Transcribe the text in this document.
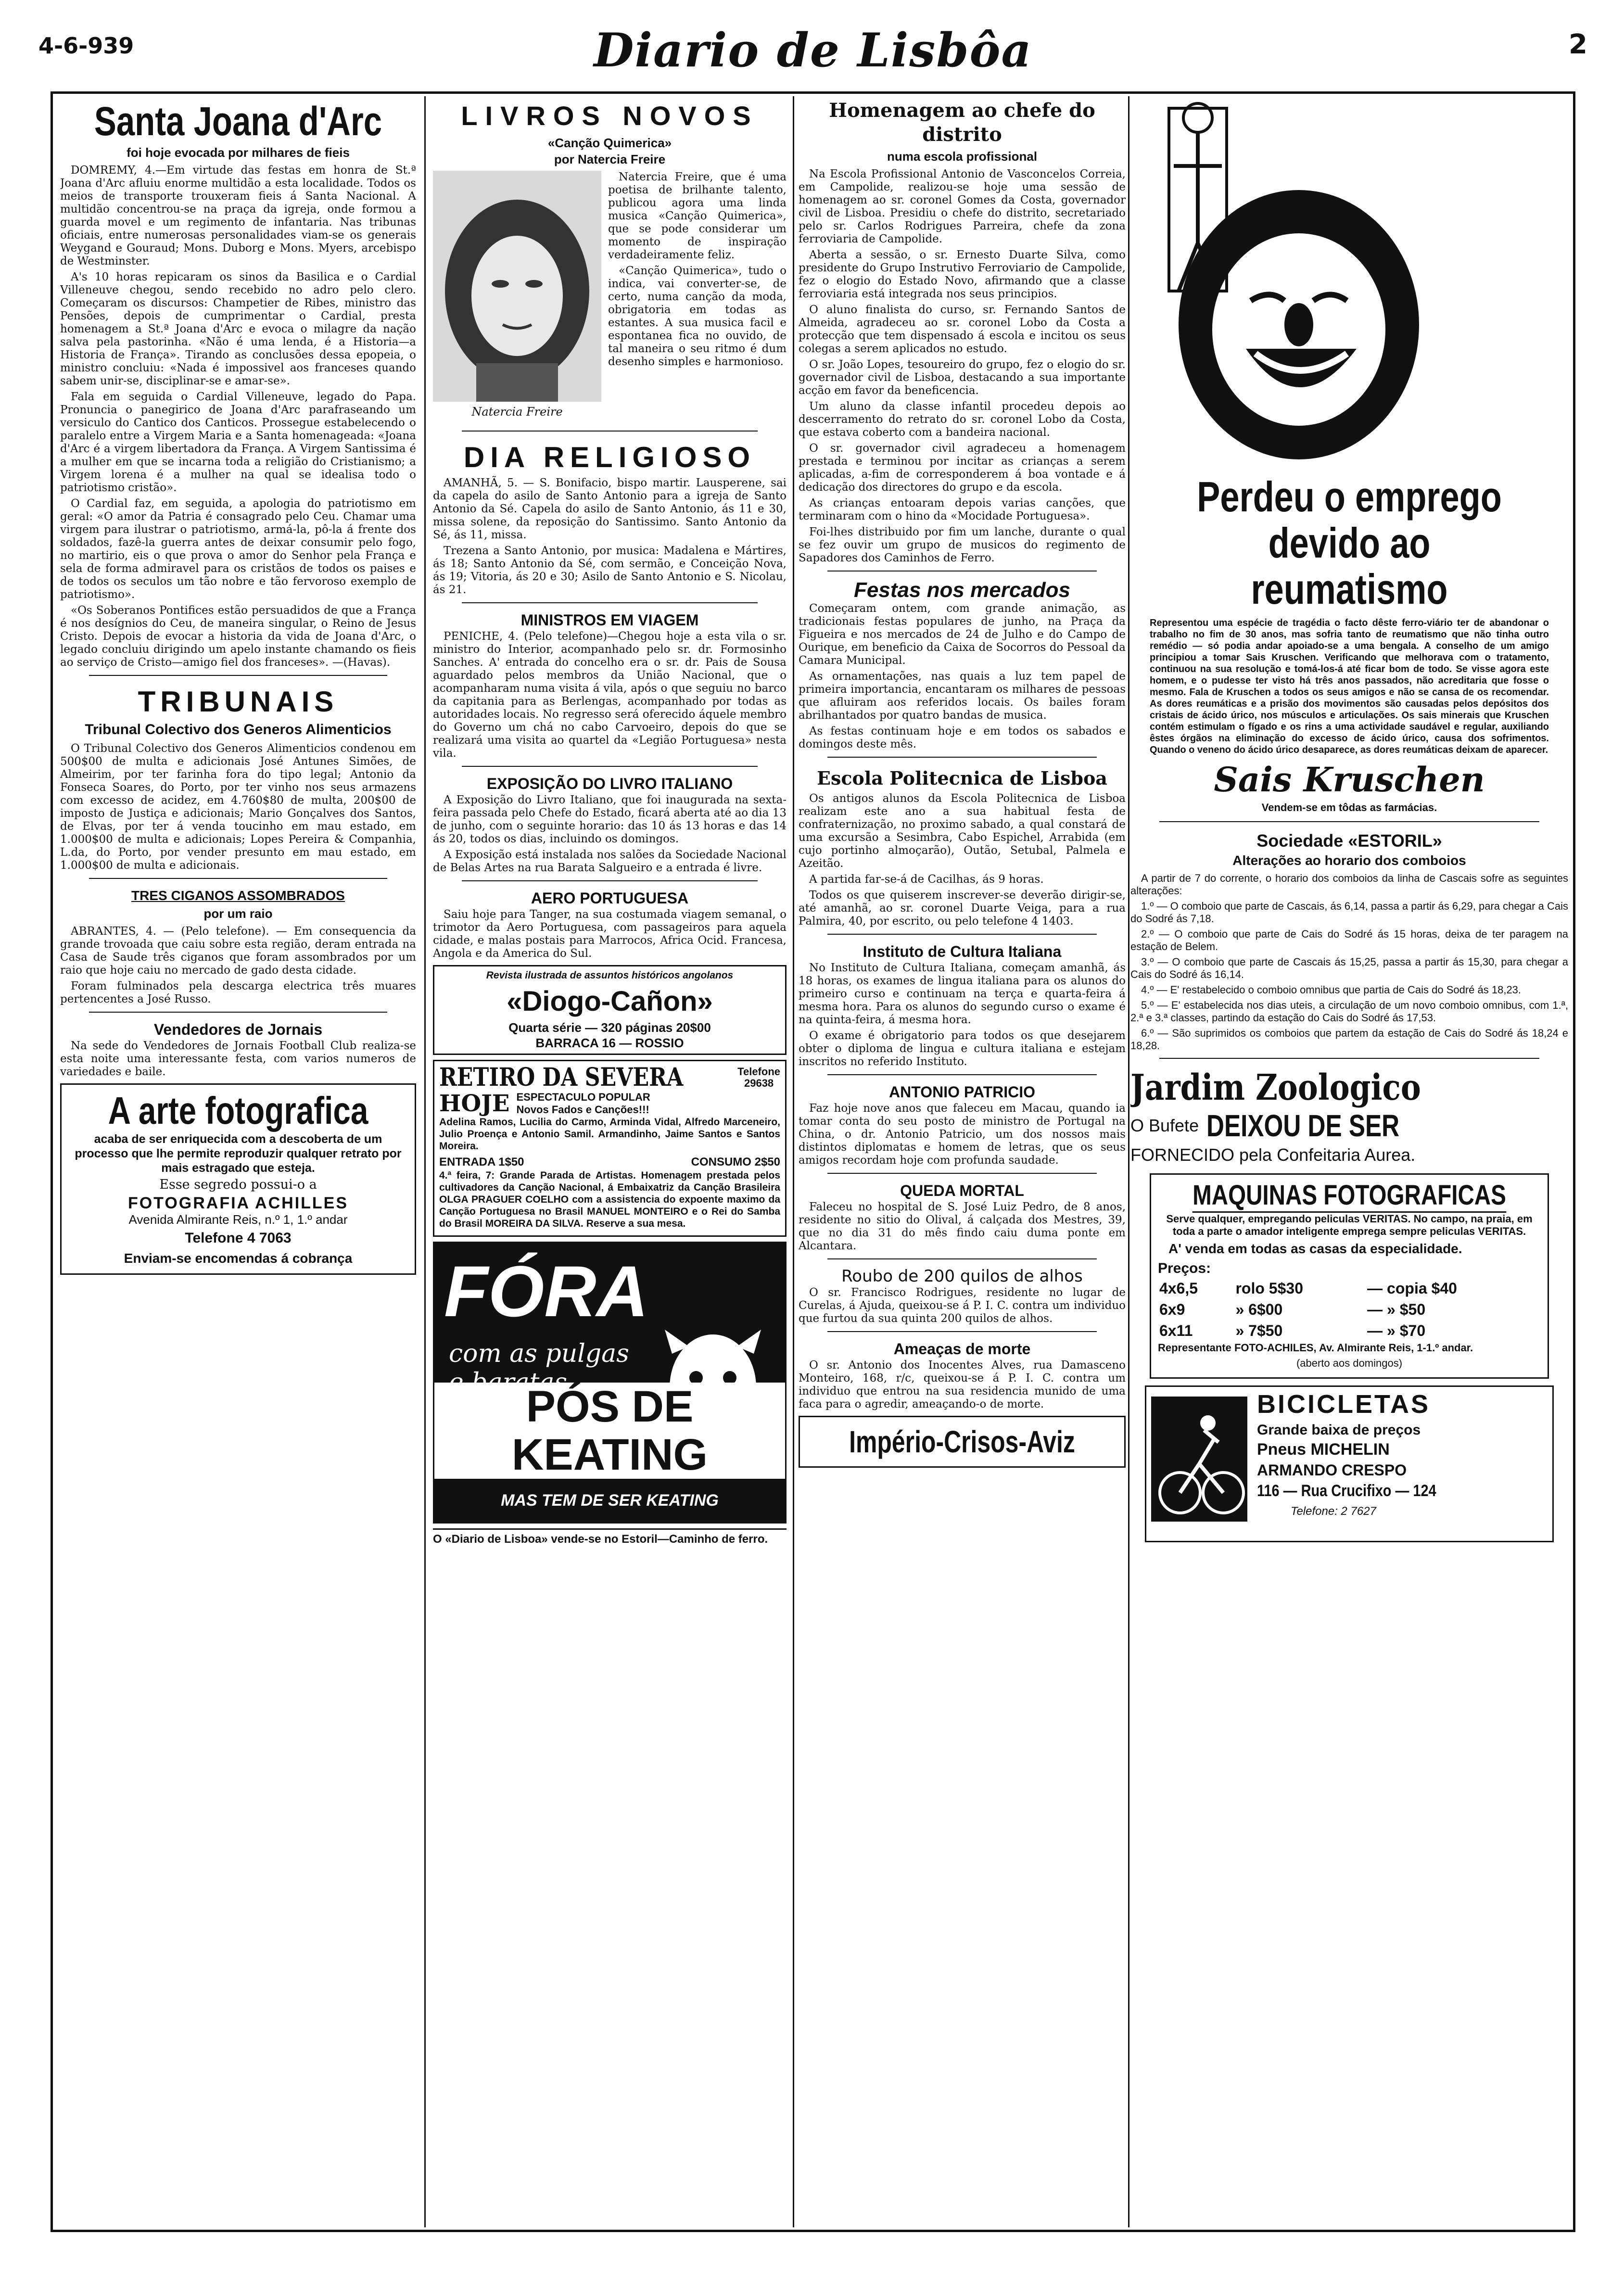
4-6-939	Diario de Lisbôa	2
Santa Joana d'Arc
foi hoje evocada por milhares de fieis

DOMREMY, 4.—Em virtude das festas em honra de St.ª Joana d'Arc afluiu enorme multidão a esta localidade. Todos os meios de transporte trouxeram fieis á Santa Nacional. A multidão concentrou-se na praça da igreja, onde formou a guarda movel e um regimento de infantaria. Nas tribunas oficiais, entre numerosas personalidades viam-se os generais Weygand e Gouraud; Mons. Duborg e Mons. Myers, arcebispo de Westminster.

A's 10 horas repicaram os sinos da Basilica e o Cardial Villeneuve chegou, sendo recebido no adro pelo clero. Começaram os discursos: Champetier de Ribes, ministro das Pensões, depois de cumprimentar o Cardial, presta homenagem a St.ª Joana d'Arc e evoca o milagre da nação salva pela pastorinha. «Não é uma lenda, é a Historia—a Historia de França». Tirando as conclusões dessa epopeia, o ministro concluiu: «Nada é impossivel aos franceses quando sabem unir-se, disciplinar-se e amar-se».

Fala em seguida o Cardial Villeneuve, legado do Papa. Pronuncia o panegirico de Joana d'Arc parafraseando um versiculo do Cantico dos Canticos. Prossegue estabelecendo o paralelo entre a Virgem Maria e a Santa homenageada: «Joana d'Arc é a virgem libertadora da França. A Virgem Santissima é a mulher em que se incarna toda a religião do Cristianismo; a Virgem lorena é a mulher na qual se idealisa todo o patriotismo cristão».

O Cardial faz, em seguida, a apologia do patriotismo em geral: «O amor da Patria é consagrado pelo Ceu. Chamar uma virgem para ilustrar o patriotismo, armá-la, pô-la á frente dos soldados, fazê-la guerra antes de deixar consumir pelo fogo, no martirio, eis o que prova o amor do Senhor pela França e sela de forma admiravel para os cristãos de todos os paises e de todos os seculos um tão nobre e tão fervoroso exemplo de patriotismo».

«Os Soberanos Pontifices estão persuadidos de que a França é nos desígnios do Ceu, de maneira singular, o Reino de Jesus Cristo. Depois de evocar a historia da vida de Joana d'Arc, o legado concluiu dirigindo um apelo instante chamando os fieis ao serviço de Cristo—amigo fiel dos franceses». —(Havas).

TRIBUNAIS
Tribunal Colectivo dos Generos Alimenticios

O Tribunal Colectivo dos Generos Alimenticios condenou em 500$00 de multa e adicionais José Antunes Simões, de Almeirim, por ter farinha fora do tipo legal; Antonio da Fonseca Soares, do Porto, por ter vinho nos seus armazens com excesso de acidez, em 4.760$80 de multa, 200$00 de imposto de Justiça e adicionais; Mario Gonçalves dos Santos, de Elvas, por ter á venda toucinho em mau estado, em 1.000$00 de multa e adicionais; Lopes Pereira & Companhia, L.da, do Porto, por vender presunto em mau estado, em 1.000$00 de multa e adicionais.

TRES CIGANOS ASSOMBRADOS
por um raio

ABRANTES, 4. — (Pelo telefone). — Em consequencia da grande trovoada que caiu sobre esta região, deram entrada na Casa de Saude três ciganos que foram assombrados por um raio que hoje caiu no mercado de gado desta cidade.

Foram fulminados pela descarga electrica três muares pertencentes a José Russo.

Vendedores de Jornais

Na sede do Vendedores de Jornais Football Club realiza-se esta noite uma interessante festa, com varios numeros de variedades e baile.

A arte fotografica

acaba de ser enriquecida com a descoberta de um processo que lhe permite reproduzir qualquer retrato por mais estragado que esteja.

Esse segredo possui-o a

FOTOGRAFIA ACHILLES

Avenida Almirante Reis, n.º 1, 1.º andar

Telefone 4 7063
Enviam-se encomendas á cobrança
LIVROS NOVOS
«Canção Quimerica»
por Natercia Freire
Natercia Freire

Natercia Freire, que é uma poetisa de brilhante talento, publicou agora uma linda musica «Canção Quimerica», que se pode considerar um momento de inspiração verdadeiramente feliz.

«Canção Quimerica», tudo o indica, vai converter-se, de certo, numa canção da moda, obrigatoria em todas as estantes. A sua musica facil e espontanea fica no ouvido, de tal maneira o seu ritmo é dum desenho simples e harmonioso.

DIA RELIGIOSO

AMANHÃ, 5. — S. Bonifacio, bispo martir. Lausperene, sai da capela do asilo de Santo Antonio para a igreja de Santo Antonio da Sé. Capela do asilo de Santo Antonio, ás 11 e 30, missa solene, da reposição do Santissimo. Santo Antonio da Sé, ás 11, missa.

Trezena a Santo Antonio, por musica: Madalena e Mártires, ás 18; Santo Antonio da Sé, com sermão, e Conceição Nova, ás 19; Vitoria, ás 20 e 30; Asilo de Santo Antonio e S. Nicolau, ás 21.

MINISTROS EM VIAGEM

PENICHE, 4. (Pelo telefone)—Chegou hoje a esta vila o sr. ministro do Interior, acompanhado pelo sr. dr. Formosinho Sanches. A' entrada do concelho era o sr. dr. Pais de Sousa aguardado pelos membros da União Nacional, que o acompanharam numa visita á vila, após o que seguiu no barco da capitania para as Berlengas, acompanhado por todas as autoridades locais. No regresso será oferecido áquele membro do Governo um chá no cabo Carvoeiro, depois do que se realizará uma visita ao quartel da «Legião Portuguesa» nesta vila.

EXPOSIÇÃO DO LIVRO ITALIANO

A Exposição do Livro Italiano, que foi inaugurada na sexta-feira passada pelo Chefe do Estado, ficará aberta até ao dia 13 de junho, com o seguinte horario: das 10 ás 13 horas e das 14 ás 20, todos os dias, incluindo os domingos.

A Exposição está instalada nos salões da Sociedade Nacional de Belas Artes na rua Barata Salgueiro e a entrada é livre.

AERO PORTUGUESA

Saiu hoje para Tanger, na sua costumada viagem semanal, o trimotor da Aero Portuguesa, com passageiros para aquela cidade, e malas postais para Marrocos, Africa Ocid. Francesa, Angola e da America do Sul.

Revista ilustrada de assuntos históricos angolanos

«Diogo-Cañon»
Quarta série — 320 páginas 20$00
BARRACA 16 — ROSSIO
RETIRO DA SEVERA	Telefone
29638
HOJE ESPECTACULO POPULAR
Novos Fados e Canções!!!

Adelina Ramos, Lucilia do Carmo, Arminda Vidal, Alfredo Marceneiro, Julio Proença e Antonio Samil. Armandinho, Jaime Santos e Santos Moreira.

ENTRADA 1$50	CONSUMO 2$50

4.ª feira, 7: Grande Parada de Artistas. Homenagem prestada pelos cultivadores da Canção Nacional, á Embaixatriz da Canção Brasileira OLGA PRAGUER COELHO com a assistencia do expoente maximo da Canção Portuguesa no Brasil MANUEL MONTEIRO e o Rei do Samba do Brasil MOREIRA DA SILVA. Reserve a sua mesa.

FÓRA
com as pulgas
PÓS DE KEATING
MAS TEM DE SER KEATING
O «Diario de Lisboa» vende-se no Estoril—Caminho de ferro.
Homenagem ao chefe do distrito
numa escola profissional

Na Escola Profissional Antonio de Vasconcelos Correia, em Campolide, realizou-se hoje uma sessão de homenagem ao sr. coronel Gomes da Costa, governador civil de Lisboa. Presidiu o chefe do distrito, secretariado pelo sr. Carlos Rodrigues Parreira, chefe da zona ferroviaria de Campolide.

Aberta a sessão, o sr. Ernesto Duarte Silva, como presidente do Grupo Instrutivo Ferroviario de Campolide, fez o elogio do Estado Novo, afirmando que a classe ferroviaria está integrada nos seus principios.

O aluno finalista do curso, sr. Fernando Santos de Almeida, agradeceu ao sr. coronel Lobo da Costa a protecção que tem dispensado á escola e incitou os seus colegas a serem aplicados no estudo.

O sr. João Lopes, tesoureiro do grupo, fez o elogio do sr. governador civil de Lisboa, destacando a sua importante acção em favor da beneficencia.

Um aluno da classe infantil procedeu depois ao descerramento do retrato do sr. coronel Lobo da Costa, que estava coberto com a bandeira nacional.

O sr. governador civil agradeceu a homenagem prestada e terminou por incitar as crianças a serem aplicadas, a-fim de corresponderem á boa vontade e á dedicação dos directores do grupo e da escola.

As crianças entoaram depois varias canções, que terminaram com o hino da «Mocidade Portuguesa».

Foi-lhes distribuido por fim um lanche, durante o qual se fez ouvir um grupo de musicos do regimento de Sapadores dos Caminhos de Ferro.

Festas nos mercados

Começaram ontem, com grande animação, as tradicionais festas populares de junho, na Praça da Figueira e nos mercados de 24 de Julho e do Campo de Ourique, em beneficio da Caixa de Socorros do Pessoal da Camara Municipal.

As ornamentações, nas quais a luz tem papel de primeira importancia, encantaram os milhares de pessoas que afluiram aos referidos locais. Os bailes foram abrilhantados por quatro bandas de musica.

As festas continuam hoje e em todos os sabados e domingos deste mês.

Escola Politecnica de Lisboa

Os antigos alunos da Escola Politecnica de Lisboa realizam este ano a sua habitual festa de confraternização, no proximo sabado, a qual constará de uma excursão a Sesimbra, Cabo Espichel, Arrabida (em cujo portinho almoçarão), Outão, Setubal, Palmela e Azeitão.

A partida far-se-á de Cacilhas, ás 9 horas.

Todos os que quiserem inscrever-se deverão dirigir-se, até amanhã, ao sr. coronel Duarte Veiga, para a rua Palmira, 40, por escrito, ou pelo telefone 4 1403.

Instituto de Cultura Italiana

No Instituto de Cultura Italiana, começam amanhã, ás 18 horas, os exames de lingua italiana para os alunos do primeiro curso e continuam na terça e quarta-feira á mesma hora. Para os alunos do segundo curso o exame é na quinta-feira, á mesma hora.

O exame é obrigatorio para todos os que desejarem obter o diploma de lingua e cultura italiana e estejam inscritos no referido Instituto.

ANTONIO PATRICIO

Faz hoje nove anos que faleceu em Macau, quando ia tomar conta do seu posto de ministro de Portugal na China, o dr. Antonio Patricio, um dos nossos mais distintos diplomatas e homem de letras, que os seus amigos recordam hoje com profunda saudade.

QUEDA MORTAL

Faleceu no hospital de S. José Luiz Pedro, de 8 anos, residente no sitio do Olival, á calçada dos Mestres, 39, que no dia 31 do mês findo caiu duma ponte em Alcantara.

Roubo de 200 quilos de alhos

O sr. Francisco Rodrigues, residente no lugar de Curelas, á Ajuda, queixou-se á P. I. C. contra um individuo que furtou da sua quinta 200 quilos de alhos.

Ameaças de morte

O sr. Antonio dos Inocentes Alves, rua Damasceno Monteiro, 168, r/c, queixou-se á P. I. C. contra um individuo que entrou na sua residencia munido de uma faca para o agredir, ameaçando-o de morte.

Império-Crisos-Aviz
Perdeu o emprego devido ao reumatismo

Representou uma espécie de tragédia o facto dêste ferro-viário ter de abandonar o trabalho no fim de 30 anos, mas sofria tanto de reumatismo que não tinha outro remédio — só podia andar apoiado-se a uma bengala. A conselho de um amigo principiou a tomar Sais Kruschen. Verificando que melhorava com o tratamento, continuou na sua resolução e tomá-los-á até ficar bom de todo. Se visse agora este homem, e o pudesse ter visto há três anos passados, não acreditaria que fosse o mesmo. Fala de Kruschen a todos os seus amigos e não se cansa de os recomendar. As dores reumáticas e a prisão dos movimentos são causadas pelos depósitos dos cristais de ácido úrico, nos músculos e articulações. Os sais minerais que Kruschen contém estimulam o fígado e os rins a uma actividade saudável e regular, auxiliando êstes órgãos na eliminação do excesso de ácido úrico, causa dos sofrimentos. Quando o veneno do ácido úrico desaparece, as dores reumáticas deixam de aparecer.

Sais Kruschen
Vendem-se em tôdas as farmácias.
Sociedade «ESTORIL»
Alterações ao horario dos comboios

A partir de 7 do corrente, o horario dos comboios da linha de Cascais sofre as seguintes alterações:

1.º — O comboio que parte de Cascais, ás 6,14, passa a partir ás 6,29, para chegar a Cais do Sodré ás 7,18.

2.º — O comboio que parte de Cais do Sodré ás 15 horas, deixa de ter paragem na estação de Belem.

3.º — O comboio que parte de Cascais ás 15,25, passa a partir ás 15,30, para chegar a Cais do Sodré ás 16,14.

4.º — E' restabelecido o comboio omnibus que partia de Cais do Sodré ás 18,23.

5.º — E' estabelecida nos dias uteis, a circulação de um novo comboio omnibus, com 1.ª, 2.ª e 3.ª classes, partindo da estação do Cais do Sodré ás 17,53.

6.º — São suprimidos os comboios que partem da estação de Cais do Sodré ás 18,24 e 18,28.

Jardim Zoologico
O Bufete DEIXOU DE SER
FORNECIDO pela Confeitaria Aurea.
MAQUINAS FOTOGRAFICAS

Serve qualquer, empregando peliculas VERITAS. No campo, na praia, em toda a parte o amador inteligente emprega sempre peliculas VERITAS.

A' venda em todas as casas da especialidade.

Preços:
4x6,5	rolo 5$30	— copia $40
6x9	» 6$00	— » $50
6x11	» 7$50	— » $70

Representante FOTO-ACHILES, Av. Almirante Reis, 1-1.º andar.

(aberto aos domingos)

BICICLETAS
Grande baixa de preços
Pneus MICHELIN
ARMANDO CRESPO
116 — Rua Crucifixo — 124
Telefone: 2 7627
